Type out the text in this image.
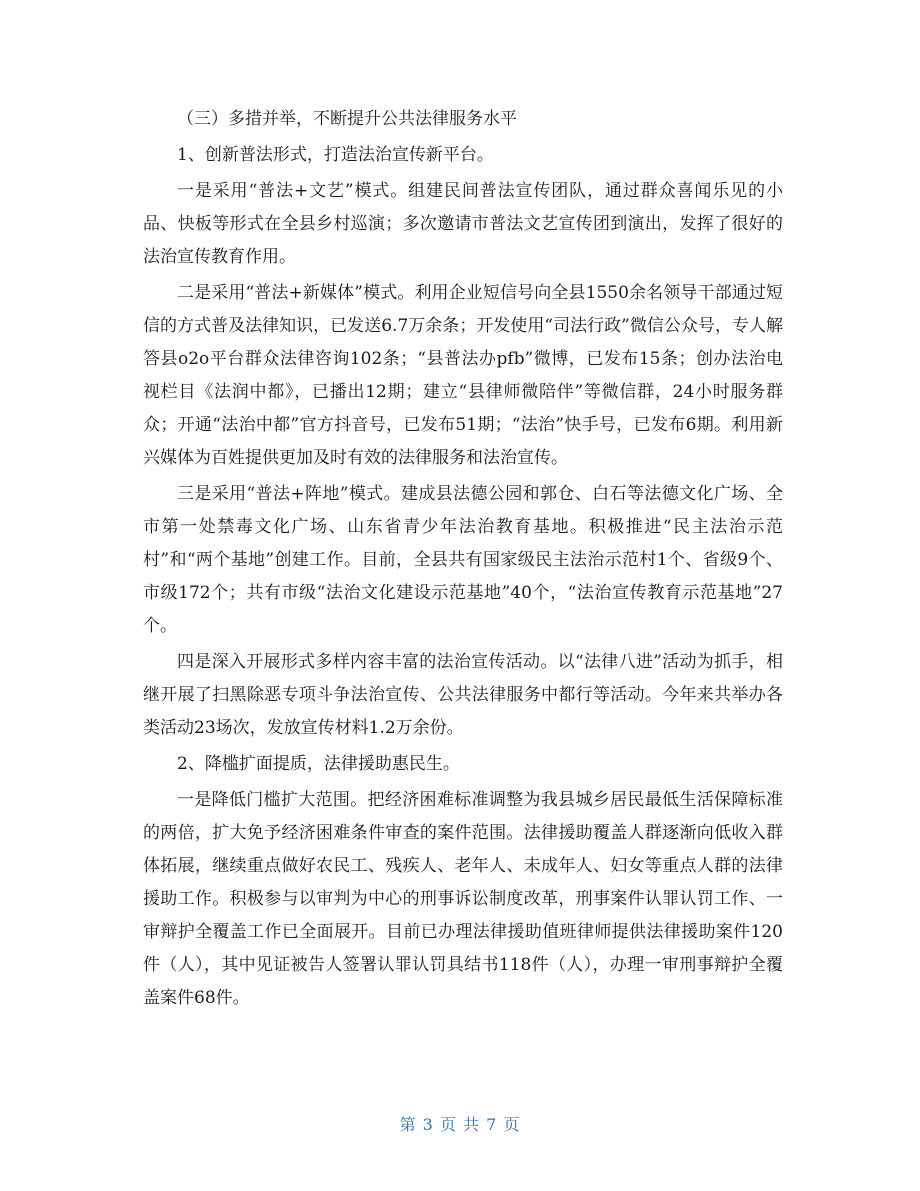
（三）多措并举，不断提升公共法律服务水平

1、创新普法形式，打造法治宣传新平台。

一是采用“普法+文艺”模式。组建民间普法宣传团队，通过群众喜闻乐见的小品、快板等形式在全县乡村巡演；多次邀请市普法文艺宣传团到演出，发挥了很好的法治宣传教育作用。

二是采用“普法+新媒体”模式。利用企业短信号向全县1550余名领导干部通过短信的方式普及法律知识，已发送6.7万余条；开发使用“司法行政”微信公众号，专人解答县o2o平台群众法律咨询102条；“县普法办pfb”微博，已发布15条；创办法治电视栏目《法润中都》，已播出12期；建立“县律师微陪伴”等微信群，24小时服务群众；开通“法治中都”官方抖音号，已发布51期；“法治”快手号，已发布6期。利用新兴媒体为百姓提供更加及时有效的法律服务和法治宣传。

三是采用“普法+阵地”模式。建成县法德公园和郭仓、白石等法德文化广场、全市第一处禁毒文化广场、山东省青少年法治教育基地。积极推进“民主法治示范村”和“两个基地”创建工作。目前，全县共有国家级民主法治示范村1个、省级9个、市级172个；共有市级“法治文化建设示范基地”40个，“法治宣传教育示范基地”27个。

四是深入开展形式多样内容丰富的法治宣传活动。以“法律八进”活动为抓手，相继开展了扫黑除恶专项斗争法治宣传、公共法律服务中都行等活动。今年来共举办各类活动23场次，发放宣传材料1.2万余份。

2、降槛扩面提质，法律援助惠民生。

一是降低门槛扩大范围。把经济困难标准调整为我县城乡居民最低生活保障标准的两倍，扩大免予经济困难条件审查的案件范围。法律援助覆盖人群逐渐向低收入群体拓展，继续重点做好农民工、残疾人、老年人、未成年人、妇女等重点人群的法律援助工作。积极参与以审判为中心的刑事诉讼制度改革，刑事案件认罪认罚工作、一审辩护全覆盖工作已全面展开。目前已办理法律援助值班律师提供法律援助案件120件（人），其中见证被告人签署认罪认罚具结书118件（人），办理一审刑事辩护全覆盖案件68件。

第 3 页 共 7 页
